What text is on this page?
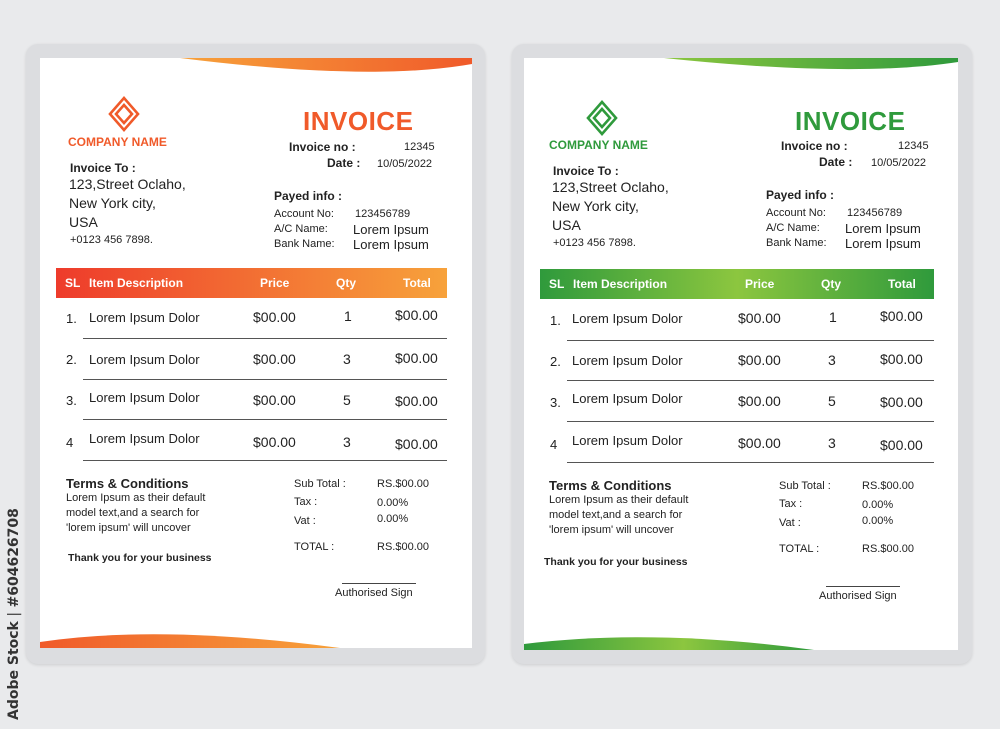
Adobe Stock | #604626708
COMPANY NAME
INVOICE
Invoice no :	12345
Date : 10/05/2022
Invoice To :
123,Street Oclaho,
New York city,
USA
+0123 456 7898.
Payed info :
Account No: 123456789
A/C Name: Lorem Ipsum
Bank Name: Lorem Ipsum
SL Item Description	Price	Qty	Total
1. Lorem Ipsum Dolor	$00.00	1	$00.00
2. Lorem Ipsum Dolor	$00.00	3	$00.00
3. Lorem Ipsum Dolor	$00.00	5	$00.00
4 Lorem Ipsum Dolor	$00.00	3	$00.00
Terms & Conditions
Lorem Ipsum as their default
model text,and a search for
'lorem ipsum' will uncover
Thank you for your business
Sub Total :	RS.$00.00
Tax :	0.00%
Vat :	0.00%
TOTAL :	RS.$00.00
Authorised Sign
COMPANY NAME
INVOICE
Invoice no :	12345
Date : 10/05/2022
Invoice To :
123,Street Oclaho,
New York city,
USA
+0123 456 7898.
Payed info :
Account No: 123456789
A/C Name: Lorem Ipsum
Bank Name: Lorem Ipsum
SL Item Description	Price	Qty	Total
1. Lorem Ipsum Dolor	$00.00	1	$00.00
2. Lorem Ipsum Dolor	$00.00	3	$00.00
3. Lorem Ipsum Dolor	$00.00	5	$00.00
4 Lorem Ipsum Dolor	$00.00	3	$00.00
Terms & Conditions
Lorem Ipsum as their default
model text,and a search for
'lorem ipsum' will uncover
Thank you for your business
Sub Total :	RS.$00.00
Tax :	0.00%
Vat :	0.00%
TOTAL :	RS.$00.00
Authorised Sign
